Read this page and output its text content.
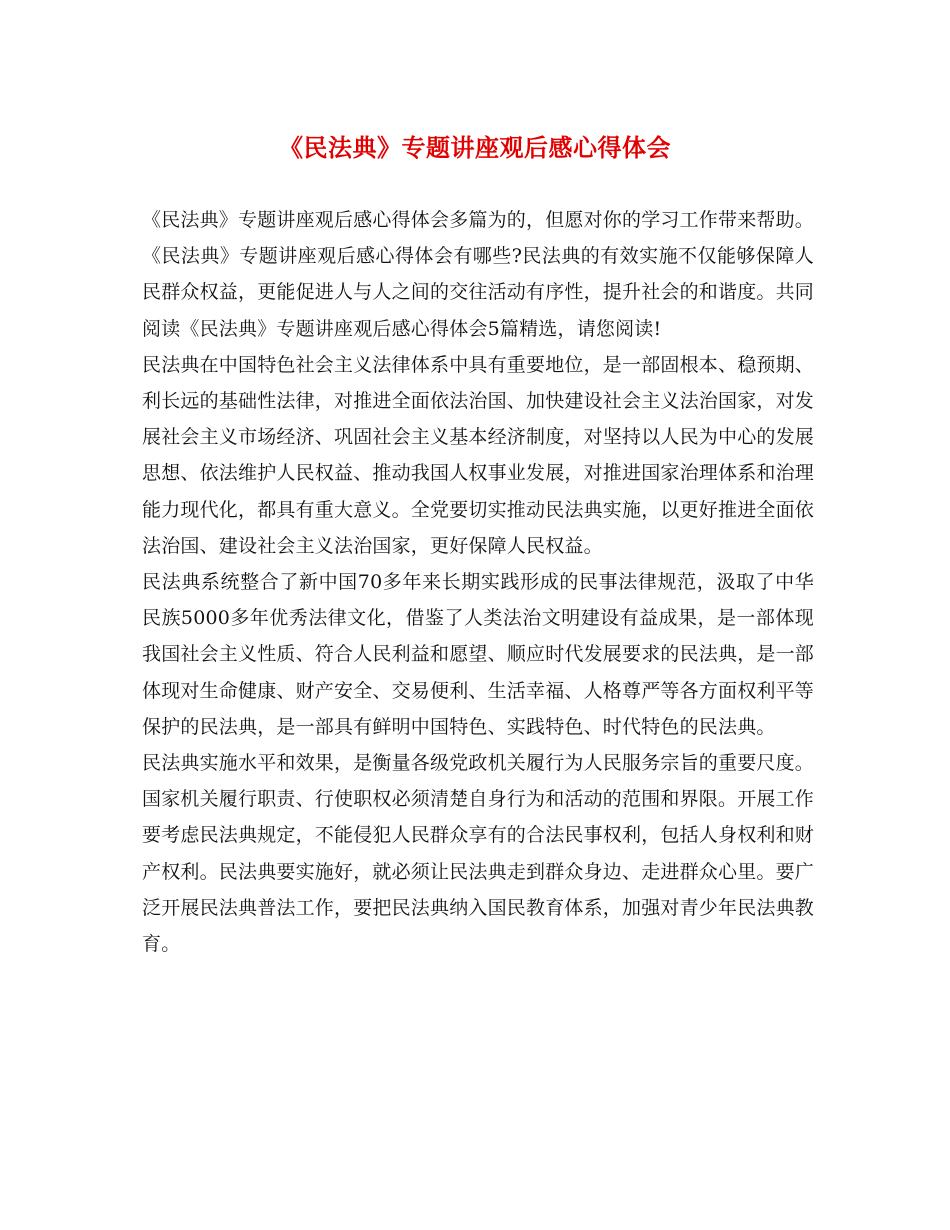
《民法典》专题讲座观后感心得体会

《民法典》专题讲座观后感心得体会多篇为的，但愿对你的学习工作带来帮助。

《民法典》专题讲座观后感心得体会有哪些?民法典的有效实施不仅能够保障人民群众权益，更能促进人与人之间的交往活动有序性，提升社会的和谐度。共同阅读《民法典》专题讲座观后感心得体会5篇精选，请您阅读!

民法典在中国特色社会主义法律体系中具有重要地位，是一部固根本、稳预期、利长远的基础性法律，对推进全面依法治国、加快建设社会主义法治国家，对发展社会主义市场经济、巩固社会主义基本经济制度，对坚持以人民为中心的发展思想、依法维护人民权益、推动我国人权事业发展，对推进国家治理体系和治理能力现代化，都具有重大意义。全党要切实推动民法典实施，以更好推进全面依法治国、建设社会主义法治国家，更好保障人民权益。

民法典系统整合了新中国70多年来长期实践形成的民事法律规范，汲取了中华民族5000多年优秀法律文化，借鉴了人类法治文明建设有益成果，是一部体现我国社会主义性质、符合人民利益和愿望、顺应时代发展要求的民法典，是一部体现对生命健康、财产安全、交易便利、生活幸福、人格尊严等各方面权利平等保护的民法典，是一部具有鲜明中国特色、实践特色、时代特色的民法典。

民法典实施水平和效果，是衡量各级党政机关履行为人民服务宗旨的重要尺度。国家机关履行职责、行使职权必须清楚自身行为和活动的范围和界限。开展工作要考虑民法典规定，不能侵犯人民群众享有的合法民事权利，包括人身权利和财产权利。民法典要实施好，就必须让民法典走到群众身边、走进群众心里。要广泛开展民法典普法工作，要把民法典纳入国民教育体系，加强对青少年民法典教育。
